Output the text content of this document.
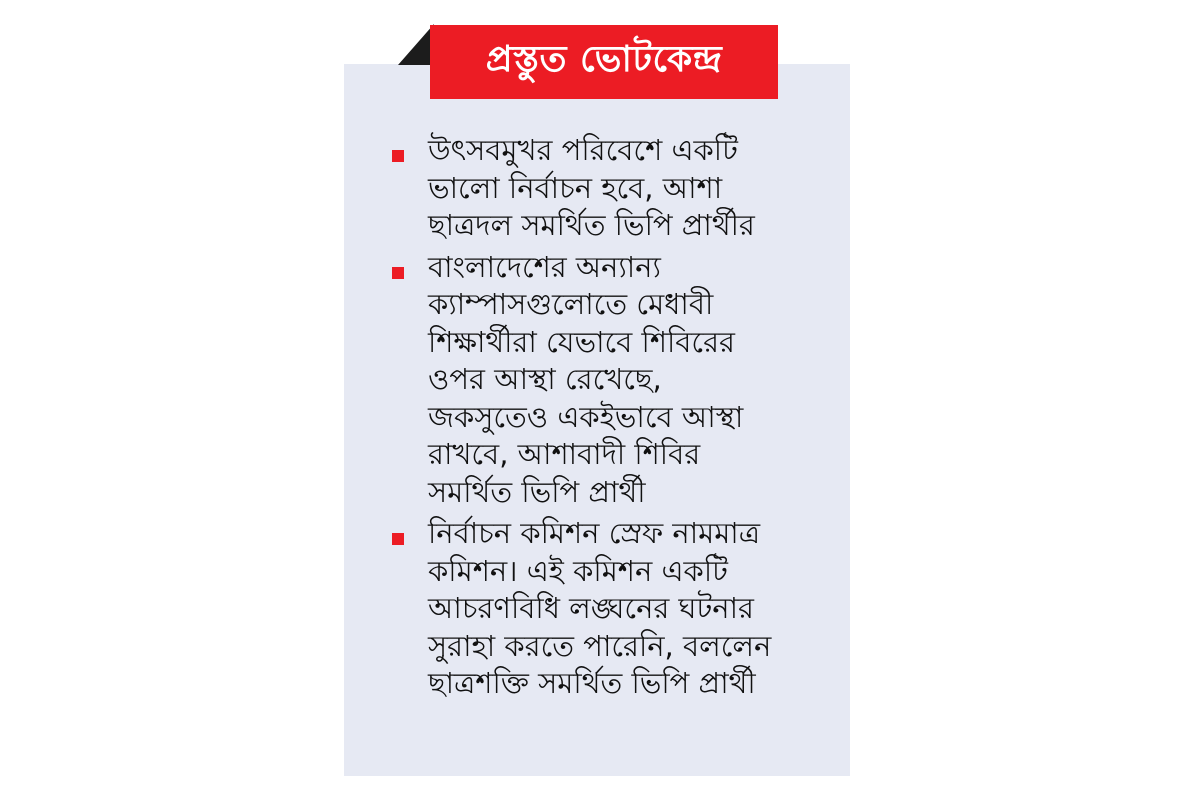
প্রস্তুত ভোটকেন্দ্র
উৎসবমুখর পরিবেশে একটি
ভালো নির্বাচন হবে, আশা
ছাত্রদল সমর্থিত ভিপি প্রার্থীর
বাংলাদেশের অন্যান্য
ক্যাম্পাসগুলোতে মেধাবী
শিক্ষার্থীরা যেভাবে শিবিরের
ওপর আস্থা রেখেছে,
জকসুতেও একইভাবে আস্থা
রাখবে, আশাবাদী শিবির
সমর্থিত ভিপি প্রার্থী
নির্বাচন কমিশন স্রেফ নামমাত্র
কমিশন। এই কমিশন একটি
আচরণবিধি লঙ্ঘনের ঘটনার
সুরাহা করতে পারেনি, বললেন
ছাত্রশক্তি সমর্থিত ভিপি প্রার্থী
